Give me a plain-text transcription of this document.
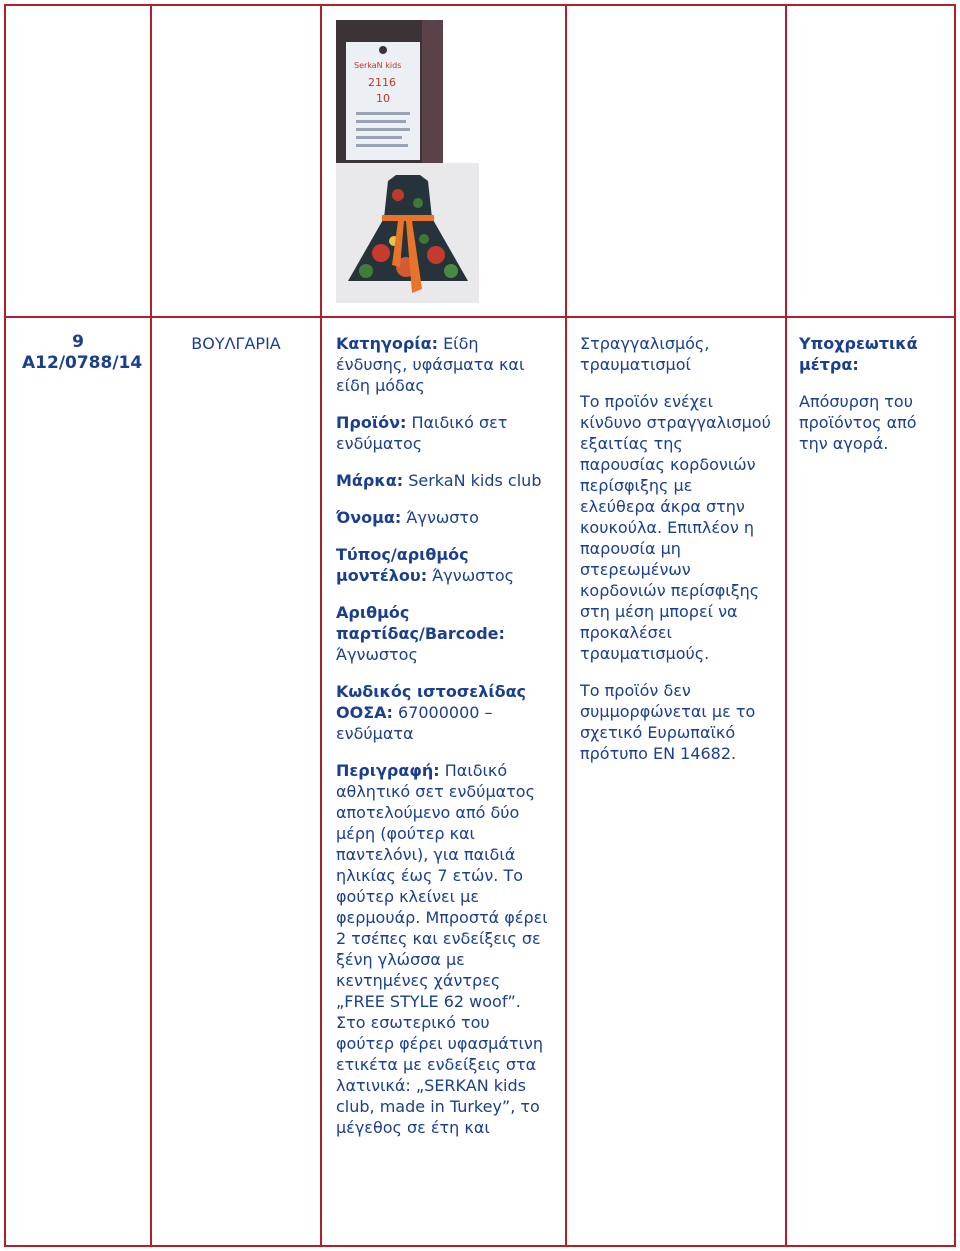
SerkaN kids
2116
10
9
A12/0788/14
ΒΟΥΛΓΑΡΙΑ	Κατηγορία: Είδη ένδυσης, υφάσματα και είδη μόδας
Προϊόν: Παιδικό σετ ενδύματος
Μάρκα: SerkaN kids club
Όνομα: Άγνωστο
Τύπος/αριθμός μοντέλου: Άγνωστος
Αριθμός παρτίδας/Barcode: Άγνωστος
Κωδικός ιστοσελίδας ΟΟΣΑ: 67000000 – ενδύματα
Περιγραφή: Παιδικό αθλητικό σετ ενδύματος αποτελούμενο από δύο μέρη (φούτερ και παντελόνι), για παιδιά ηλικίας έως 7 ετών. Το φούτερ κλείνει με φερμουάρ. Μπροστά φέρει 2 τσέπες και ενδείξεις σε ξένη γλώσσα με κεντημένες χάντρες „FREE STYLE 62 woof”. Στο εσωτερικό του φούτερ φέρει υφασμάτινη ετικέτα με ενδείξεις στα λατινικά: „SERKAN kids club, made in Turkey”, το μέγεθος σε έτη και
Στραγγαλισμός, τραυματισμοί
Το προϊόν ενέχει κίνδυνο στραγγαλισμού εξαιτίας της παρουσίας κορδονιών περίσφιξης με ελεύθερα άκρα στην κουκούλα. Επιπλέον η παρουσία μη στερεωμένων κορδονιών περίσφιξης στη μέση μπορεί να προκαλέσει τραυματισμούς.
Το προϊόν δεν συμμορφώνεται με το σχετικό Ευρωπαϊκό πρότυπο EN 14682.
Υποχρεωτικά μέτρα:
Απόσυρση του προϊόντος από την αγορά.
